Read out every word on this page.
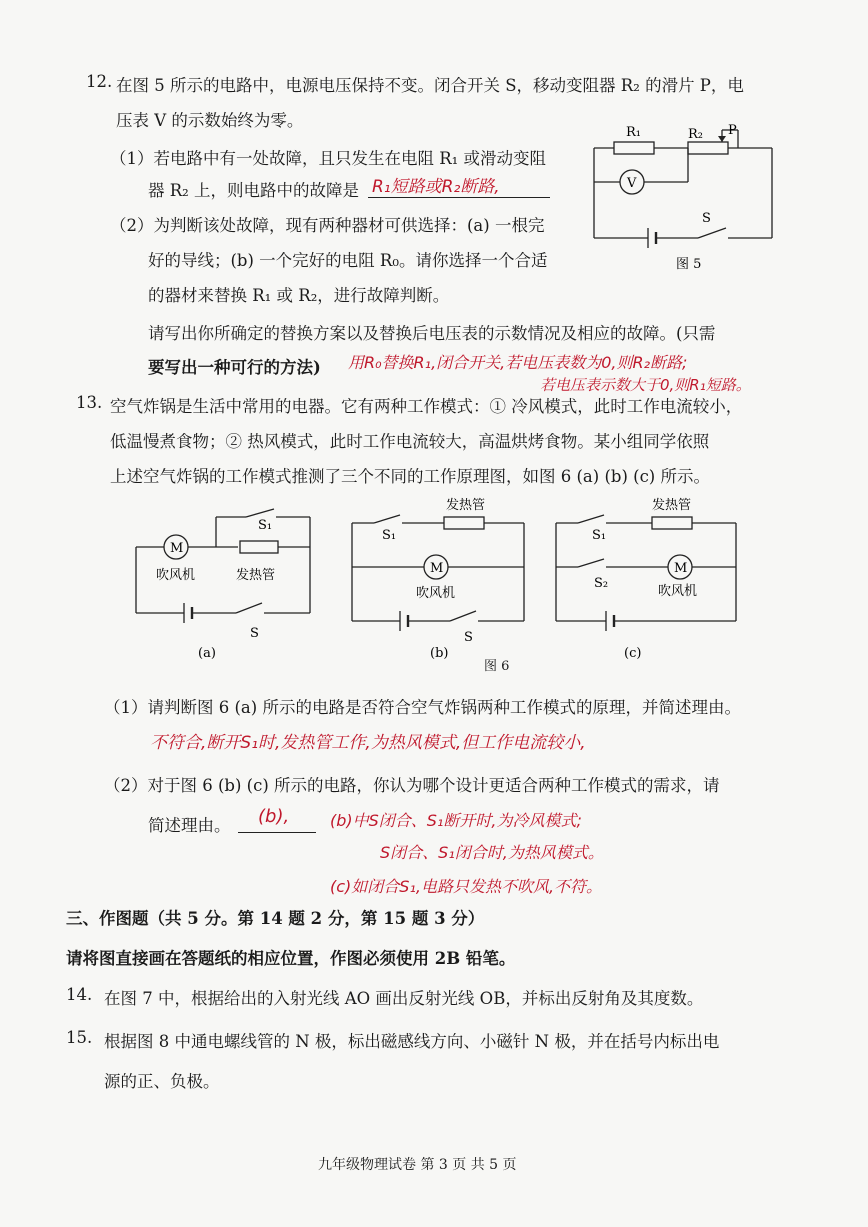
12. 在图 5 所示的电路中，电源电压保持不变。闭合开关 S，移动变阻器 R₂ 的滑片 P，电
压表 V 的示数始终为零。
（1）若电路中有一处故障，且只发生在电阻 R₁ 或滑动变阻
器 R₂ 上，则电路中的故障是 R₁短路或R₂断路,
（2）为判断该处故障，现有两种器材可供选择：(a) 一根完
好的导线；(b) 一个完好的电阻 R₀。请你选择一个合适
的器材来替换 R₁ 或 R₂，进行故障判断。
请写出你所确定的替换方案以及替换后电压表的示数情况及相应的故障。(只需
要写出一种可行的方法) 用R₀替换R₁,闭合开关,若电压表数为0,则R₂断路;
若电压表示数大于0,则R₁短路。
R₁	R₂ P
V
S
图 5
13. 空气炸锅是生活中常用的电器。它有两种工作模式：① 冷风模式，此时工作电流较小，
低温慢煮食物；② 热风模式，此时工作电流较大，高温烘烤食物。某小组同学依照
上述空气炸锅的工作模式推测了三个不同的工作原理图，如图 6 (a) (b) (c) 所示。
M
S₁
吹风机	发热管
S
(a)
S₁
发热管
M
吹风机
S
(b)
图 6
S₁
发热管
S₂
M
吹风机
(c)
（1）请判断图 6 (a) 所示的电路是否符合空气炸锅两种工作模式的原理，并简述理由。
不符合,断开S₁时,发热管工作,为热风模式,但工作电流较小,
（2）对于图 6 (b) (c) 所示的电路，你认为哪个设计更适合两种工作模式的需求，请
简述理由。 (b),	(b)中S闭合、S₁断开时,为冷风模式;
S闭合、S₁闭合时,为热风模式。
(c)如闭合S₁,电路只发热不吹风,不符。
三、作图题（共 5 分。第 14 题 2 分，第 15 题 3 分）
请将图直接画在答题纸的相应位置，作图必须使用 2B 铅笔。
14. 在图 7 中，根据给出的入射光线 AO 画出反射光线 OB，并标出反射角及其度数。
15. 根据图 8 中通电螺线管的 N 极，标出磁感线方向、小磁针 N 极，并在括号内标出电
源的正、负极。
九年级物理试卷 第 3 页 共 5 页
